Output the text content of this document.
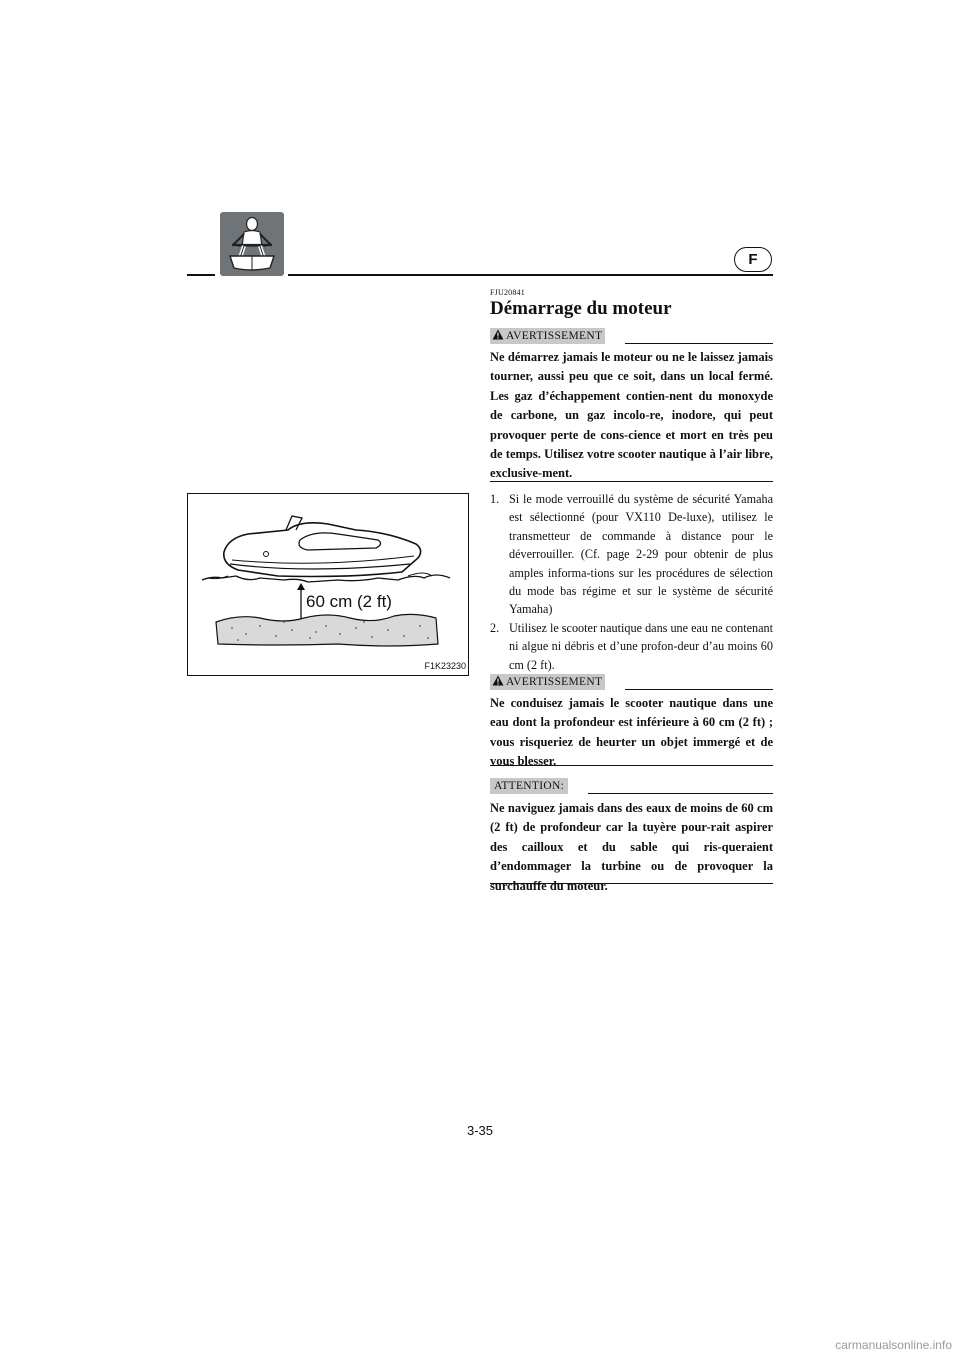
F
FJU20841
Démarrage du moteur
AVERTISSEMENT
Ne démarrez jamais le moteur ou ne le laissez jamais tourner, aussi peu que ce soit, dans un local fermé. Les gaz d’échappement contien-nent du monoxyde de carbone, un gaz incolo-re, inodore, qui peut provoquer perte de cons-cience et mort en très peu de temps. Utilisez votre scooter nautique à l’air libre, exclusive-ment.
1. Si le mode verrouillé du système de sécurité Yamaha est sélectionné (pour VX110 De-luxe), utilisez le transmetteur de commande à distance pour le déverrouiller. (Cf. page 2-29 pour obtenir de plus amples informa-tions sur les procédures de sélection du mode bas régime et sur le système de sécurité Yamaha)
2. Utilisez le scooter nautique dans une eau ne contenant ni algue ni débris et d’une profon-deur d’au moins 60 cm (2 ft).
AVERTISSEMENT
Ne conduisez jamais le scooter nautique dans une eau dont la profondeur est inférieure à 60 cm (2 ft) ; vous risqueriez de heurter un objet immergé et de vous blesser.
ATTENTION:
Ne naviguez jamais dans des eaux de moins de 60 cm (2 ft) de profondeur car la tuyère pour-rait aspirer des cailloux et du sable qui ris-queraient d’endommager la turbine ou de provoquer la surchauffe du moteur.
60 cm (2 ft)
F1K23230
3-35
carmanualsonline.info
